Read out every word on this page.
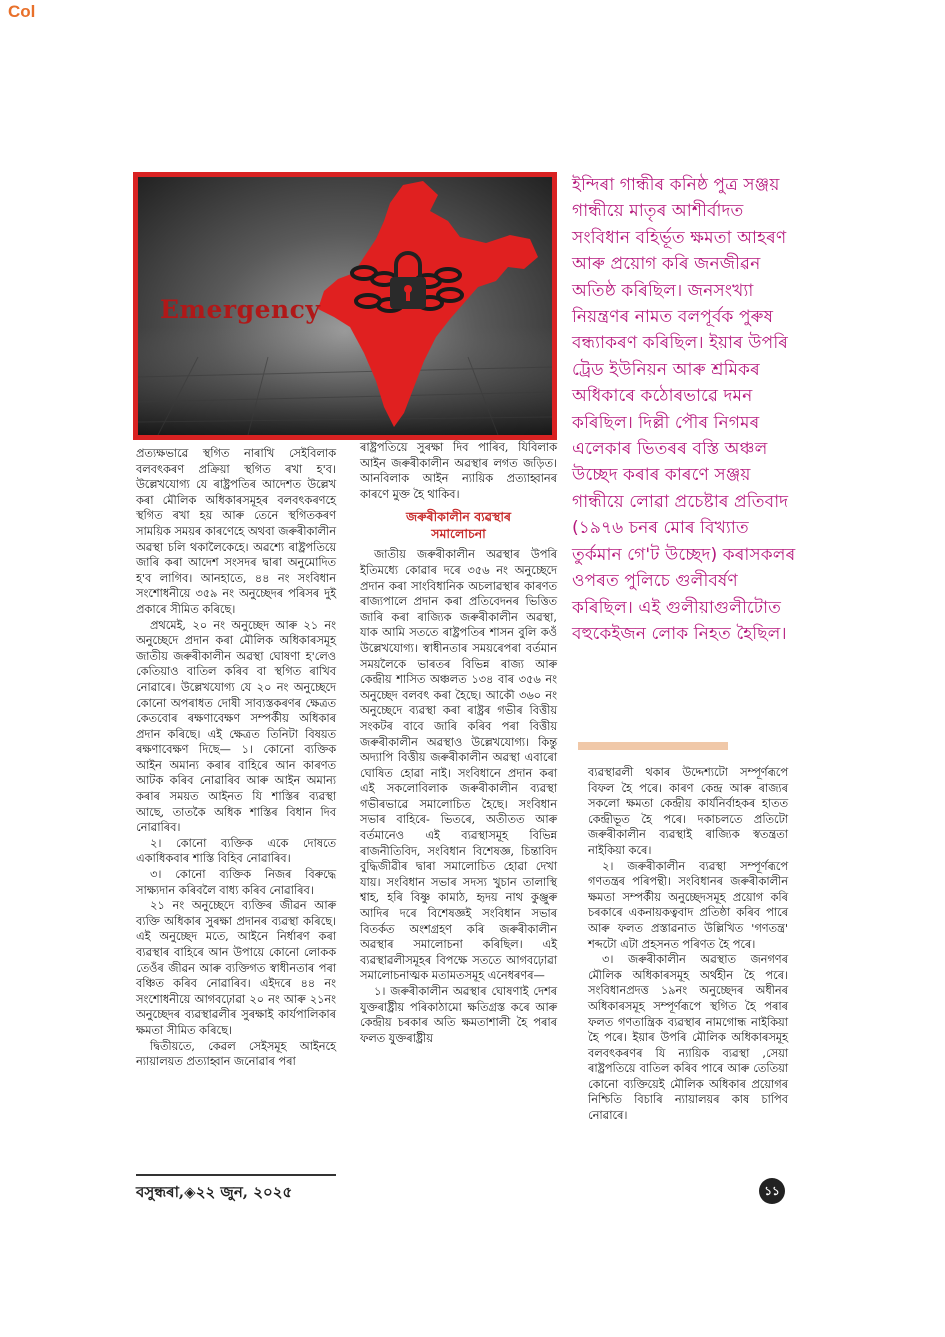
Col
Emergency

প্ৰত্যক্ষভাৱে স্থগিত নাৰাখি সেইবিলাক বলবৎকৰণ প্ৰক্ৰিয়া স্থগিত ৰখা হ'ব। উল্লেখযোগ্য যে ৰাষ্ট্ৰপতিৰ আদেশত উল্লেখ কৰা মৌলিক অধিকাৰসমূহৰ বলবৎকৰণহে স্থগিত ৰখা হয় আৰু তেনে স্থগিতকৰণ সাময়িক সময়ৰ কাৰণেহে অথবা জৰুৰীকালীন অৱস্থা চলি থকালৈকেহে। অৱশ্যে ৰাষ্ট্ৰপতিয়ে জাৰি কৰা আদেশ সংসদৰ দ্বাৰা অনুমোদিত হ'ব লাগিব। আনহাতে, ৪৪ নং সংবিধান সংশোধনীয়ে ৩৫৯ নং অনুচ্ছেদৰ পৰিসৰ দুই প্ৰকাৰে সীমিত কৰিছে।

প্ৰথমেই, ২০ নং অনুচ্ছেদ আৰু ২১ নং অনুচ্ছেদে প্ৰদান কৰা মৌলিক অধিকাৰসমূহ জাতীয় জৰুৰীকালীন অৱস্থা ঘোষণা হ'লেও কেতিয়াও বাতিল কৰিব বা স্থগিত ৰাখিব নোৱাৰে। উল্লেখযোগ্য যে ২০ নং অনুচ্ছেদে কোনো অপৰাধত দোষী সাব্যস্তকৰণৰ ক্ষেত্ৰত কেতবোৰ ৰক্ষণাবেক্ষণ সম্পৰ্কীয় অধিকাৰ প্ৰদান কৰিছে। এই ক্ষেত্ৰত তিনিটা বিষয়ত ৰক্ষণাবেক্ষণ দিছে— ১। কোনো ব্যক্তিক আইন অমান্য কৰাৰ বাহিৰে আন কাৰণত আটক কৰিব নোৱাৰিব আৰু আইন অমান্য কৰাৰ সময়ত আইনত যি শাস্তিৰ ব্যৱস্থা আছে, তাতকৈ অধিক শাস্তিৰ বিধান দিব নোৱাৰিব।

২। কোনো ব্যক্তিক একে দোষতে একাধিকবাৰ শাস্তি বিহিব নোৱাৰিব।

৩। কোনো ব্যক্তিক নিজৰ বিৰুদ্ধে সাক্ষ্যদান কৰিবলৈ বাধ্য কৰিব নোৱাৰিব।

২১ নং অনুচ্ছেদে ব্যক্তিৰ জীৱন আৰু ব্যক্তি অধিকাৰ সুৰক্ষা প্ৰদানৰ ব্যৱস্থা কৰিছে। এই অনুচ্ছেদ মতে, আইনে নিৰ্ধাৰণ কৰা ব্যৱস্থাৰ বাহিৰে আন উপায়ে কোনো লোকক তেওঁৰ জীৱন আৰু ব্যক্তিগত স্বাধীনতাৰ পৰা বঞ্চিত কৰিব নোৱাৰিব। এইদৰে ৪৪ নং সংশোধনীয়ে আগবঢ়োৱা ২০ নং আৰু ২১নং অনুচ্ছেদৰ ব্যৱস্থাৱলীৰ সুৰক্ষাই কাৰ্যপালিকাৰ ক্ষমতা সীমিত কৰিছে।

দ্বিতীয়তে, কেৱল সেইসমূহ আইনহে ন্যায়ালয়ত প্ৰত্যাহ্বান জনোৱাৰ পৰা

ৰাষ্ট্ৰপতিয়ে সুৰক্ষা দিব পাৰিব, যিবিলাক আইন জৰুৰীকালীন অৱস্থাৰ লগত জড়িত। আনবিলাক আইন ন্যায়িক প্ৰত্যাহ্বানৰ কাৰণে মুক্ত হৈ থাকিব।

জৰুৰীকালীন ব্যৱস্থাৰ
সমালোচনা

জাতীয় জৰুৰীকালীন অৱস্থাৰ উপৰি ইতিমধ্যে কোৱাৰ দৰে ৩৫৬ নং অনুচ্ছেদে প্ৰদান কৰা সাংবিধানিক অচলাৱস্থাৰ কাৰণত ৰাজ্যপালে প্ৰদান কৰা প্ৰতিবেদনৰ ভিত্তিত জাৰি কৰা ৰাজ্যিক জৰুৰীকালীন অৱস্থা, যাক আমি সততে ৰাষ্ট্ৰপতিৰ শাসন বুলি কওঁ উল্লেখযোগ্য। স্বাধীনতাৰ সময়ৰেপৰা বৰ্তমান সময়লৈকে ভাৰতৰ বিভিন্ন ৰাজ্য আৰু কেন্দ্ৰীয় শাসিত অঞ্চলত ১৩৪ বাৰ ৩৫৬ নং অনুচ্ছেদ বলবৎ কৰা হৈছে। আকৌ ৩৬০ নং অনুচ্ছেদে ব্যৱস্থা কৰা ৰাষ্ট্ৰৰ গভীৰ বিত্তীয় সংকটৰ বাবে জাৰি কৰিব পৰা বিত্তীয় জৰুৰীকালীন অৱস্থাও উল্লেখযোগ্য। কিন্তু অদ্যাপি বিত্তীয় জৰুৰীকালীন অৱস্থা এবাৰো ঘোষিত হোৱা নাই। সংবিধানে প্ৰদান কৰা এই সকলোবিলাক জৰুৰীকালীন ব্যৱস্থা গভীৰভাৱে সমালোচিত হৈছে। সংবিধান সভাৰ বাহিৰে- ভিতৰে, অতীতত আৰু বৰ্তমানেও এই ব্যৱস্থাসমূহ বিভিন্ন ৰাজনীতিবিদ, সংবিধান বিশেষজ্ঞ, চিন্তাবিদ বুদ্ধিজীৱীৰ দ্বাৰা সমালোচিত হোৱা দেখা যায়। সংবিধান সভাৰ সদস্য খুচান তালাস্থি শ্বাহ, হৰি বিষ্ণু কামাঠ, হৃদয় নাথ কুঞ্জুৰু আদিৰ দৰে বিশেষজ্ঞই সংবিধান সভাৰ বিতৰ্কত অংশগ্ৰহণ কৰি জৰুৰীকালীন অৱস্থাৰ সমালোচনা কৰিছিল। এই ব্যৱস্থাৱলীসমূহৰ বিপক্ষে সততে আগবঢ়োৱা সমালোচনাত্মক মতামতসমূহ এনেধৰণৰ—

১। জৰুৰীকালীন অৱস্থাৰ ঘোষণাই দেশৰ যুক্তৰাষ্ট্ৰীয় পৰিকাঠামো ক্ষতিগ্ৰস্ত কৰে আৰু কেন্দ্ৰীয় চৰকাৰ অতি ক্ষমতাশালী হৈ পৰাৰ ফলত যুক্তৰাষ্ট্ৰীয়

ইন্দিৰা গান্ধীৰ কনিষ্ঠ পুত্ৰ সঞ্জয় গান্ধীয়ে মাতৃৰ আশীৰ্বাদত সংবিধান বহিৰ্ভূত ক্ষমতা আহৰণ আৰু প্ৰয়োগ কৰি জনজীৱন অতিষ্ঠ কৰিছিল। জনসংখ্যা নিয়ন্ত্ৰণৰ নামত বলপূৰ্বক পুৰুষ বন্ধ্যাকৰণ কৰিছিল। ইয়াৰ উপৰি ট্ৰেড ইউনিয়ন আৰু শ্ৰমিকৰ অধিকাৰে কঠোৰভাৱে দমন কৰিছিল। দিল্লী পৌৰ নিগমৰ এলেকাৰ ভিতৰৰ বস্তি অঞ্চল উচ্ছেদ কৰাৰ কাৰণে সঞ্জয় গান্ধীয়ে লোৱা প্ৰচেষ্টাৰ প্ৰতিবাদ (১৯৭৬ চনৰ মোৰ বিখ্যাত তুৰ্কমান গে'ট উচ্ছেদ) কৰাসকলৰ ওপৰত পুলিচে গুলীবৰ্ষণ কৰিছিল। এই গুলীয়াগুলীটোত বহুকেইজন লোক নিহত হৈছিল।

ব্যৱস্থাৱলী থকাৰ উদ্দেশ্যটো সম্পূৰ্ণৰূপে বিফল হৈ পৰে। কাৰণ কেন্দ্ৰ আৰু ৰাজ্যৰ সকলো ক্ষমতা কেন্দ্ৰীয় কাৰ্যনিৰ্বাহকৰ হাতত কেন্দ্ৰীভূত হৈ পৰে। দকাচলতে প্ৰতিটো জৰুৰীকালীন ব্যৱস্থাই ৰাজ্যিক স্বতন্ত্ৰতা নাইকিয়া কৰে।

২। জৰুৰীকালীন ব্যৱস্থা সম্পূৰ্ণৰূপে গণতন্ত্ৰৰ পৰিপন্থী। সংবিধানৰ জৰুৰীকালীন ক্ষমতা সম্পৰ্কীয় অনুচ্ছেদসমূহ প্ৰয়োগ কৰি চৰকাৰে একনায়কত্ববাদ প্ৰতিষ্ঠা কৰিব পাৰে আৰু ফলত প্ৰস্তাৱনাত উল্লিখিত 'গণতন্ত্ৰ' শব্দটো এটা প্ৰহসনত পৰিণত হৈ পৰে।

৩। জৰুৰীকালীন অৱস্থাত জনগণৰ মৌলিক অধিকাৰসমূহ অৰ্থহীন হৈ পৰে। সংবিধানপ্ৰদত্ত ১৯নং অনুচ্ছেদৰ অধীনৰ অধিকাৰসমূহ সম্পূৰ্ণৰূপে স্থগিত হৈ পৰাৰ ফলত গণতান্ত্ৰিক ব্যৱস্থাৰ নামগোন্ধ নাইকিয়া হৈ পৰে। ইয়াৰ উপৰি মৌলিক অধিকাৰসমূহ বলবৎকৰণৰ যি ন্যায়িক ব্যৱস্থা ,সেয়া ৰাষ্ট্ৰপতিয়ে বাতিল কৰিব পাৰে আৰু তেতিয়া কোনো ব্যক্তিয়েই মৌলিক অধিকাৰ প্ৰয়োগৰ নিশ্চিতি বিচাৰি ন্যায়ালয়ৰ কাষ চাপিব নোৱাৰে।

বসুন্ধৰা,◈২২ জুন, ২০২৫	১১
